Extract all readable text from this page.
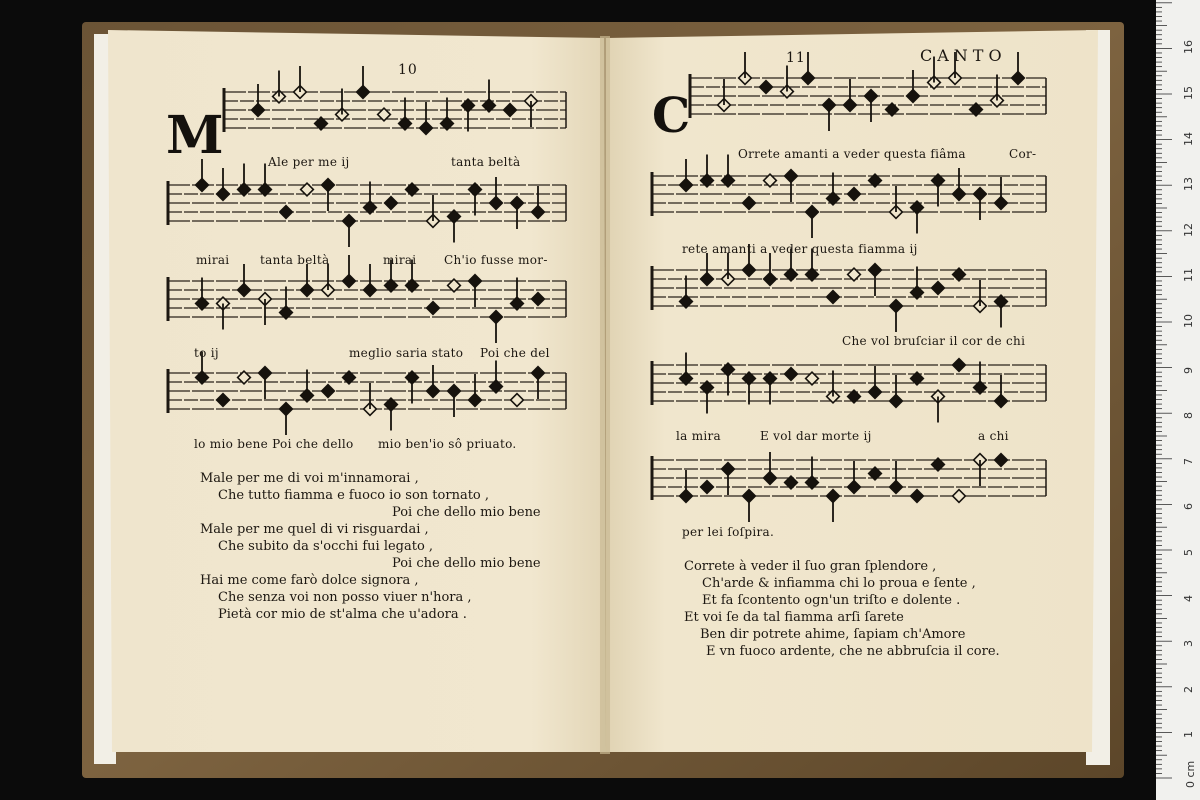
10
M	Ale per me ij	tanta beltà
mirai	tanta beltà	mirai Ch'io fusse mor-
to ij	meglio saria stato Poi che del
lo mio bene Poi che dello mio ben'io sô priuato.
Male per me di voi m'innamorai ,
Che tutto fiamma e fuoco io son tornato ,
Poi che dello mio bene
Male per me quel di vi risguardai ,
Che subito da s'occhi fui legato ,
Poi che dello mio bene
Hai me come farò dolce signora ,
Che senza voi non posso viuer n'hora ,
Pietà cor mio de st'alma che u'adora .
11	CANTO
C
Orrete amanti a veder questa fiâma	Cor-
rete amanti a veder questa fiamma ij
Che vol bruſciar il cor de chi
la mira	E vol dar morte ij	a chi
per lei ſoſpira.
Correte à veder il ſuo gran ſplendore ,
Ch'arde & infiamma chi lo proua e ſente ,
Et fa ſcontento ogn'un triſto e dolente .
Et voi ſe da tal fiamma arſi ſarete
Ben dir potrete ahime, ſapiam ch'Amore
E vn fuoco ardente, che ne abbruſcia il core.
0 cm
1
2
3
4
5
6
7
8
9
10
11
12
13
14
15
16
